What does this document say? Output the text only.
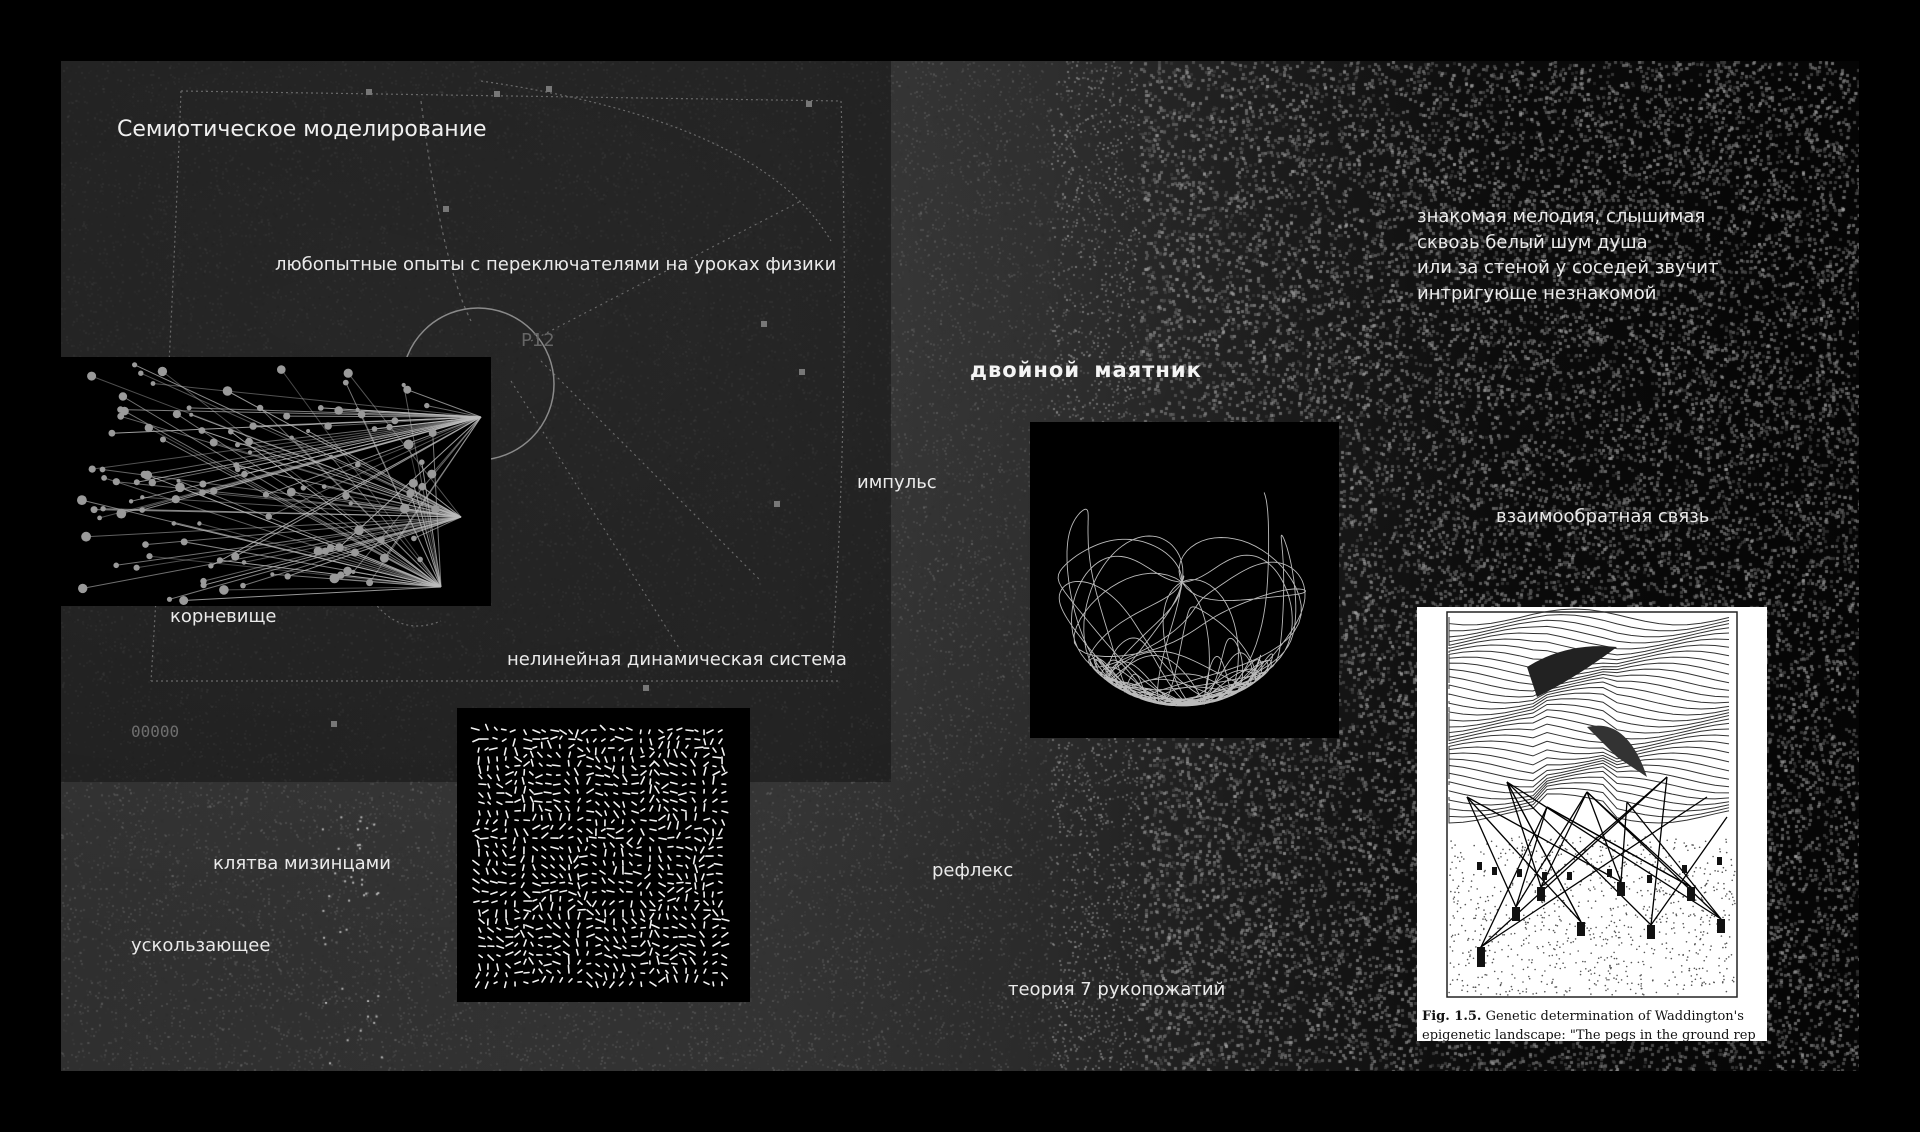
P12
00000
Fig. 1.5. Genetic determination of Waddington's
epigenetic landscape: "The pegs in the ground rep
Семиотическое моделирование
любопытные опыты с переключателями на уроках физики
корневище
нелинейная динамическая система
клятва мизинцами
ускользающее
импульс
двойной маятник
рефлекс
теория 7 рукопожатий
взаимообратная связь
знакомая мелодия, слышимая
сквозь белый шум душа
или за стеной у соседей звучит
интригующе незнакомой
